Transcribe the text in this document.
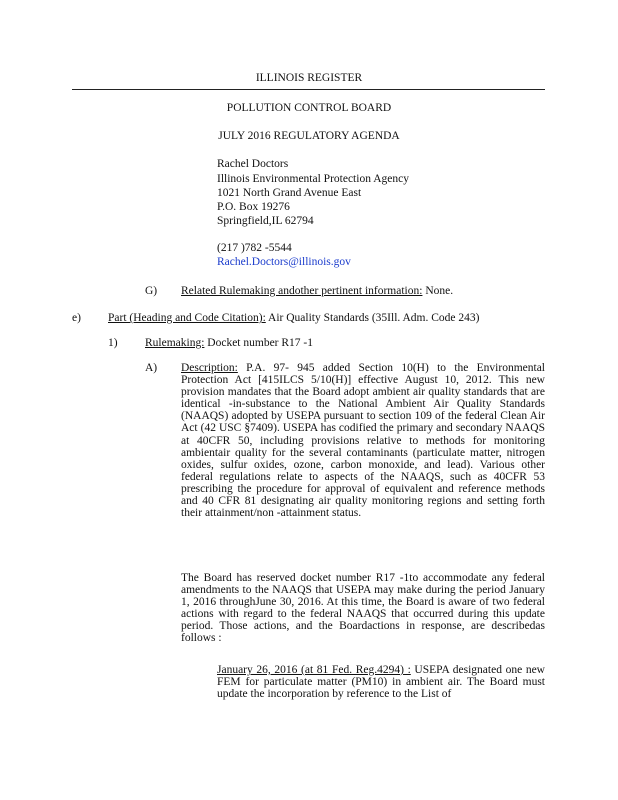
ILLINOIS REGISTER
POLLUTION CONTROL BOARD
JULY 2016 REGULATORY AGENDA
Rachel Doctors
Illinois Environmental Protection Agency
1021 North Grand Avenue East
P.O. Box 19276
Springfield,IL 62794
(217 )782 -5544
Rachel.Doctors@illinois.gov
G) Related Rulemaking andother pertinent information: None.
e) Part (Heading and Code Citation): Air Quality Standards (35Ill. Adm. Code 243)
1) Rulemaking: Docket number R17 -1
A) Description: P.A. 97- 945 added Section 10(H) to the Environmental Protection Act [415ILCS 5/10(H)] effective August 10, 2012. This new provision mandates that the Board adopt ambient air quality standards that are identical -in-substance to the National Ambient Air Quality Standards (NAAQS) adopted by USEPA pursuant to section 109 of the federal Clean Air Act (42 USC §7409). USEPA has codified the primary and secondary NAAQS at 40CFR 50, including provisions relative to methods for monitoring ambientair quality for the several contaminants (particulate matter, nitrogen oxides, sulfur oxides, ozone, carbon monoxide, and lead). Various other federal regulations relate to aspects of the NAAQS, such as 40CFR 53 prescribing the procedure for approval of equivalent and reference methods and 40 CFR 81 designating air quality monitoring regions and setting forth their attainment/non -attainment status.
The Board has reserved docket number R17 -1to accommodate any federal amendments to the NAAQS that USEPA may make during the period January 1, 2016 throughJune 30, 2016. At this time, the Board is aware of two federal actions with regard to the federal NAAQS that occurred during this update period. Those actions, and the Boardactions in response, are describedas follows :
January 26, 2016 (at 81 Fed. Reg.4294) : USEPA designated one new FEM for particulate matter (PM10) in ambient air. The Board must update the incorporation by reference to the List of
